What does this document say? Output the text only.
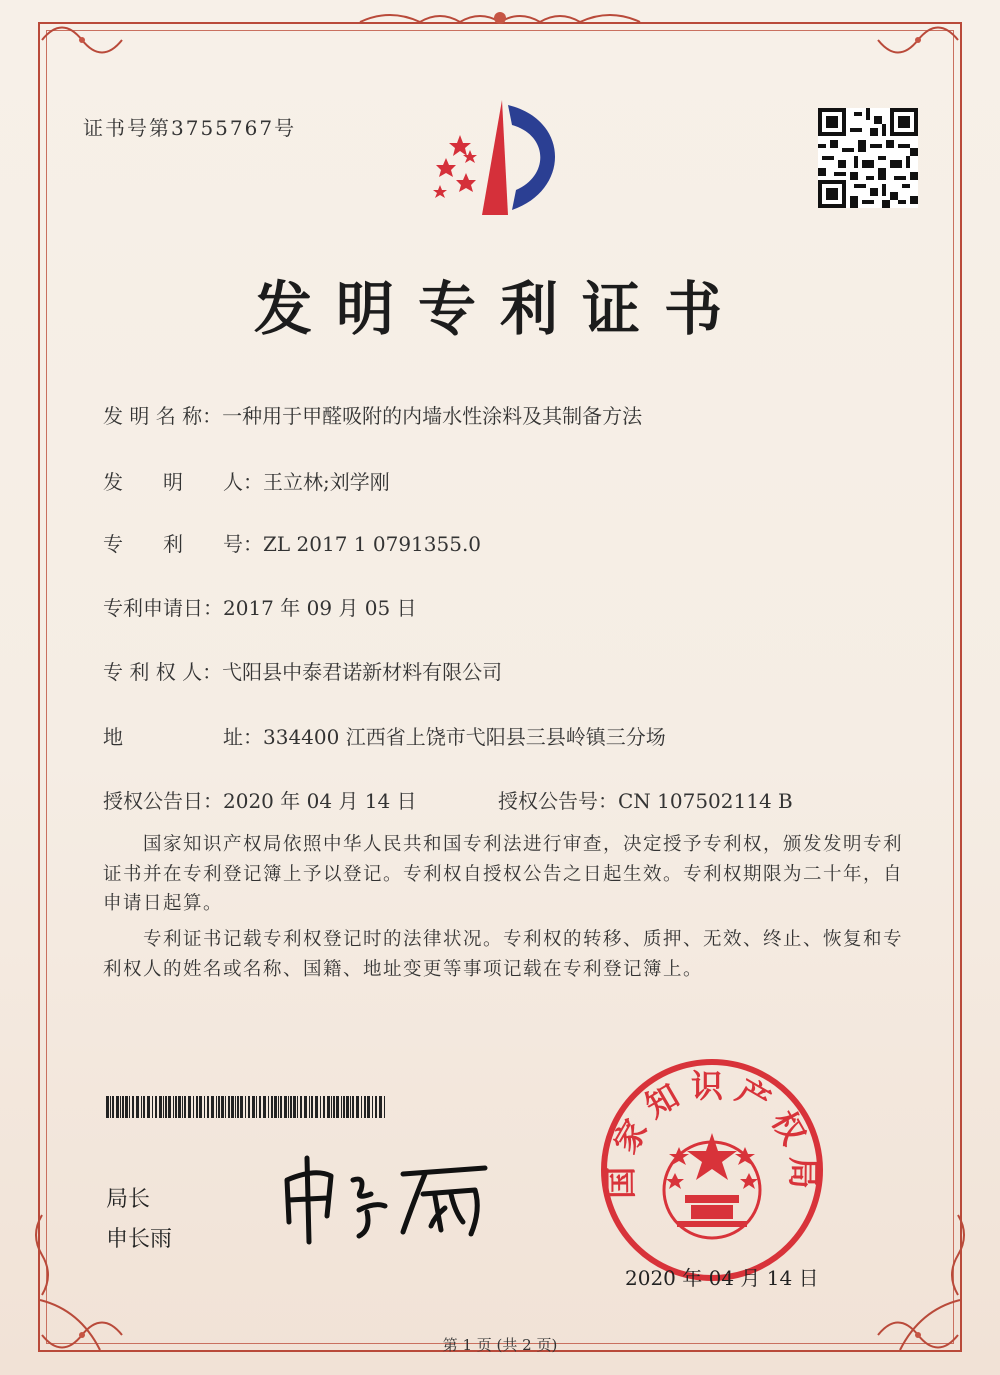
证书号第3755767号
发明专利证书
发 明 名 称：一种用于甲醛吸附的内墙水性涂料及其制备方法
发　　明　　人：王立林;刘学刚
专　　利　　号：ZL 2017 1 0791355.0
专利申请日：2017 年 09 月 05 日
专 利 权 人：弋阳县中泰君诺新材料有限公司
地　　　　　址：334400 江西省上饶市弋阳县三县岭镇三分场
授权公告日：2020 年 04 月 14 日	授权公告号：CN 107502114 B
国家知识产权局依照中华人民共和国专利法进行审查，决定授予专利权，颁发发明专利证书并在专利登记簿上予以登记。专利权自授权公告之日起生效。专利权期限为二十年，自申请日起算。
专利证书记载专利权登记时的法律状况。专利权的转移、质押、无效、终止、恢复和专利权人的姓名或名称、国籍、地址变更等事项记载在专利登记簿上。
局长
申长雨
国家知识产权局
2020 年 04 月 14 日
第 1 页 (共 2 页)
